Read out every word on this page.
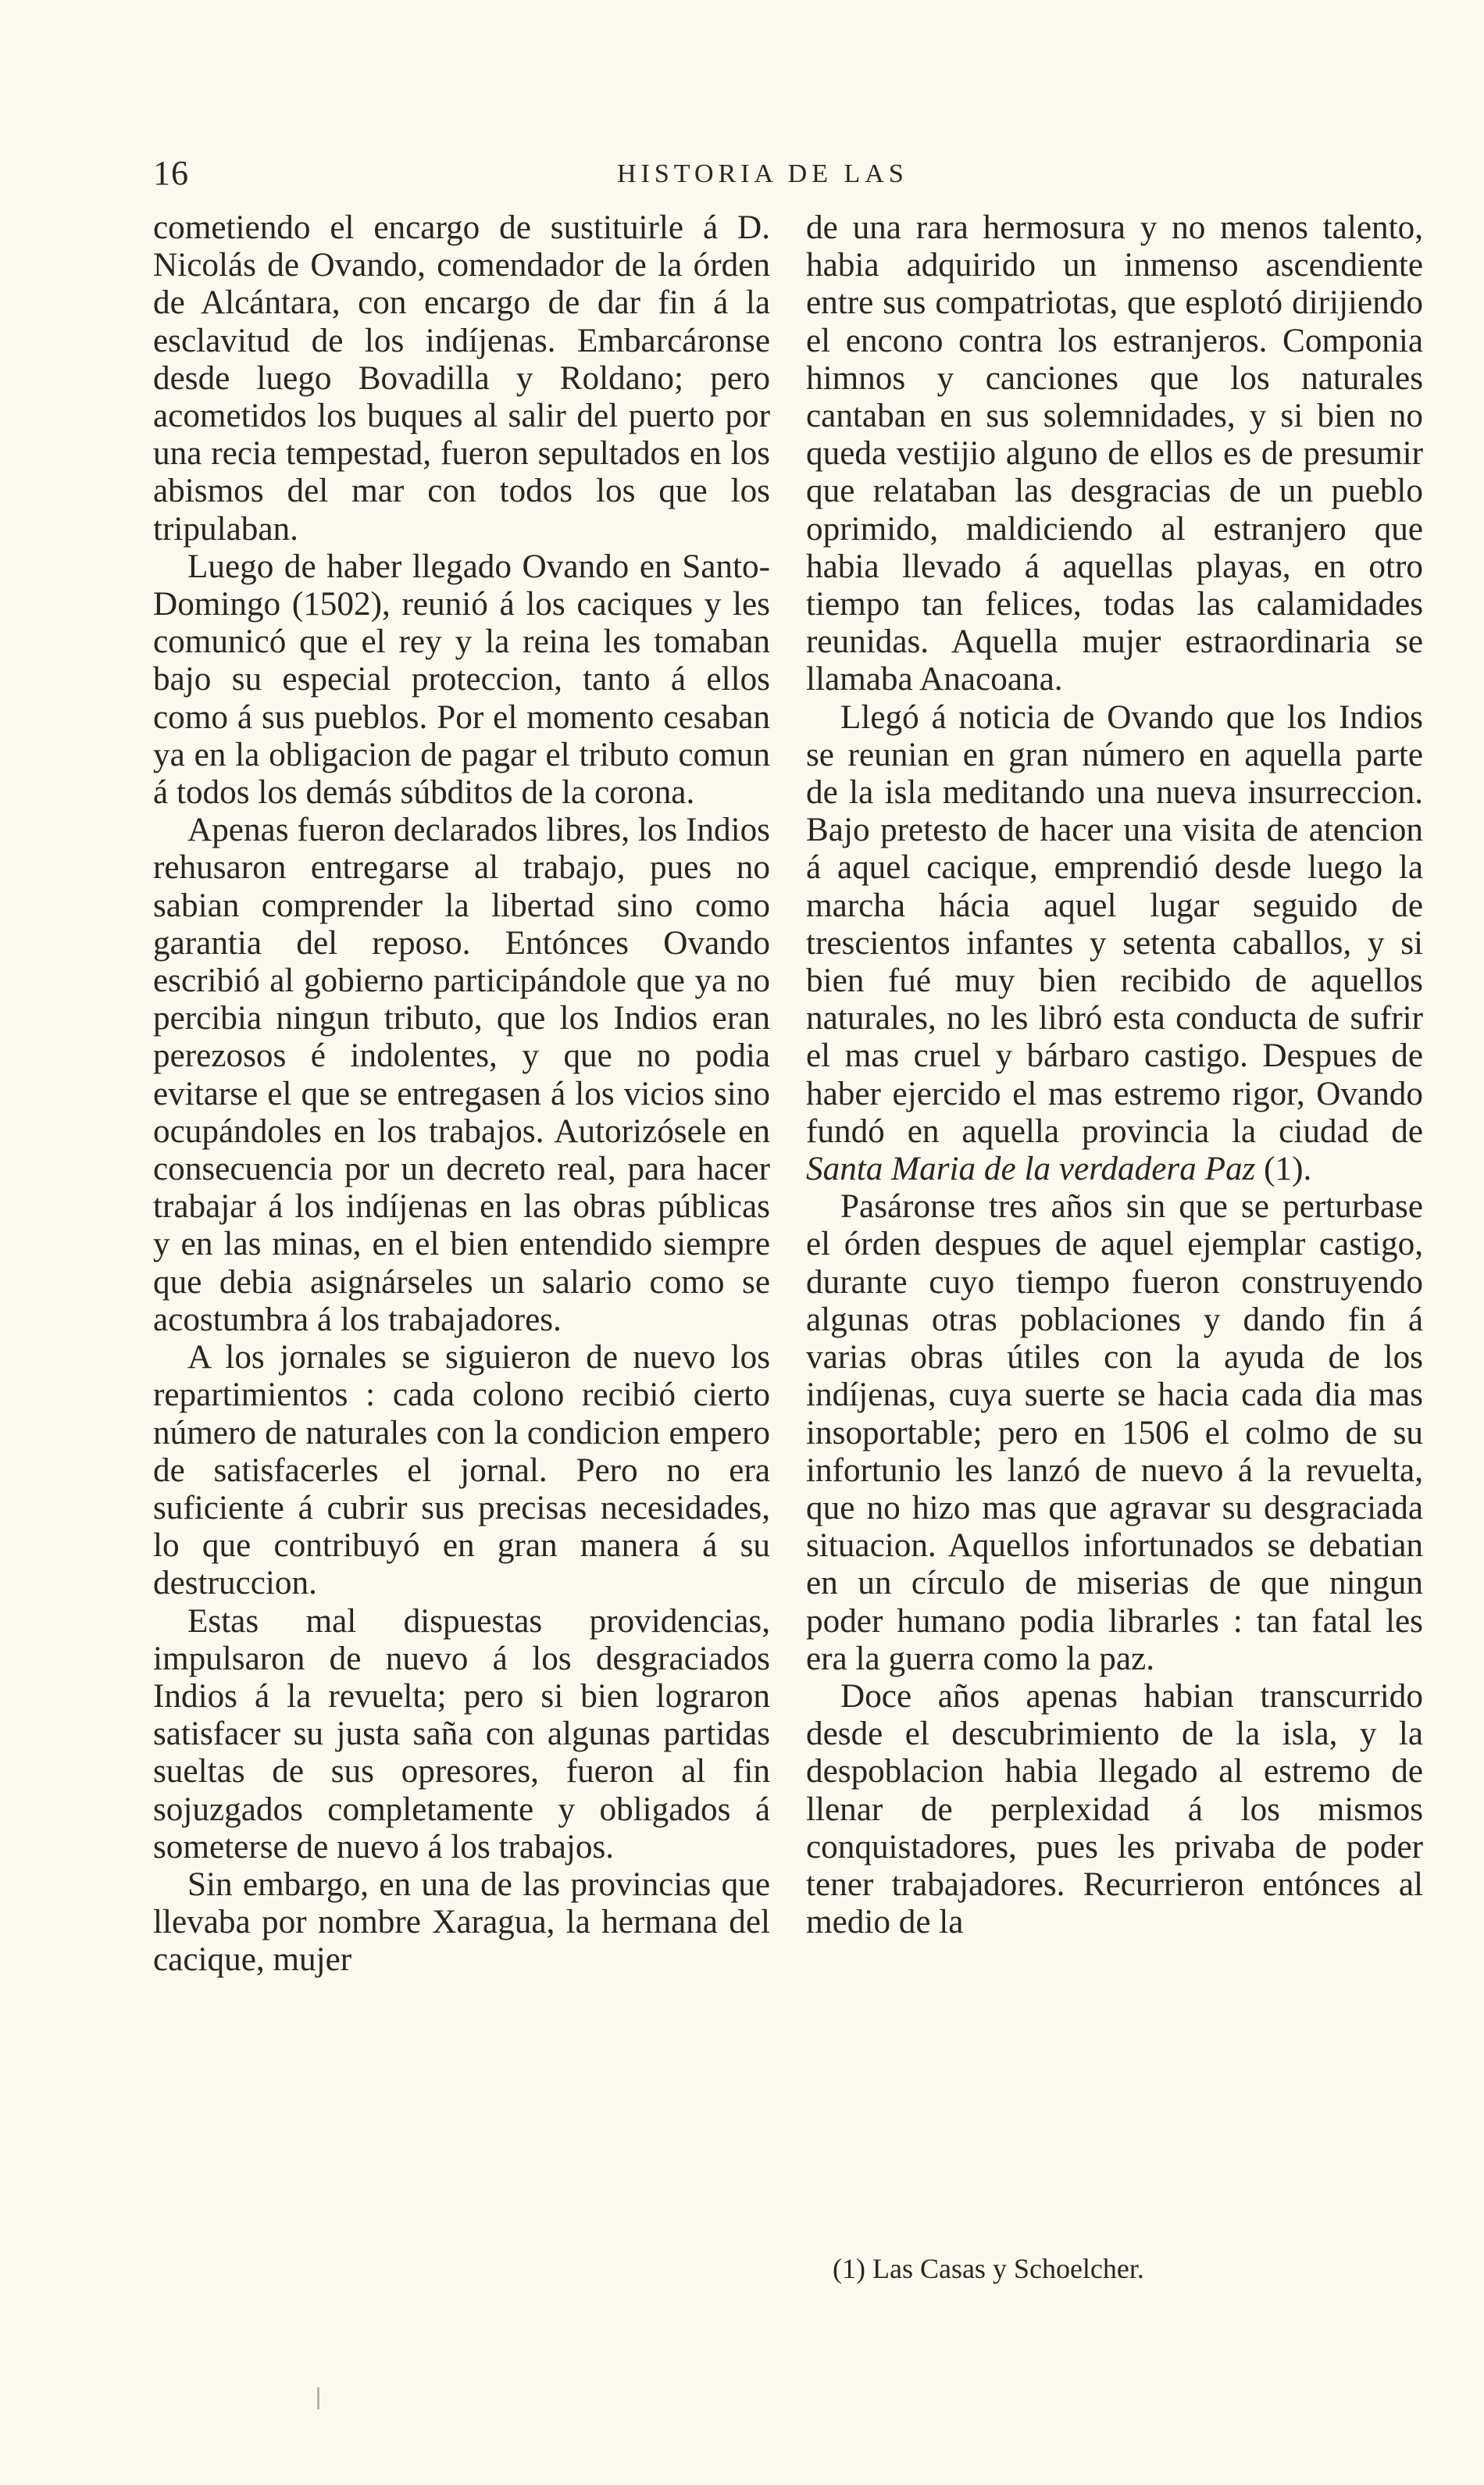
16	HISTORIA DE LAS

cometiendo el encargo de sustituirle á D. Nicolás de Ovando, comendador de la órden de Alcántara, con encargo de dar fin á la esclavitud de los indíjenas. Embarcáronse desde luego Bovadilla y Roldano; pero acometidos los buques al salir del puerto por una recia tempestad, fueron sepultados en los abismos del mar con todos los que los tripulaban.

Luego de haber llegado Ovando en Santo-Domingo (1502), reunió á los caciques y les comunicó que el rey y la reina les tomaban bajo su especial proteccion, tanto á ellos como á sus pueblos. Por el momento cesaban ya en la obligacion de pagar el tributo comun á todos los demás súbditos de la corona.

Apenas fueron declarados libres, los Indios rehusaron entregarse al trabajo, pues no sabian comprender la libertad sino como garantia del reposo. Entónces Ovando escribió al gobierno participándole que ya no percibia ningun tributo, que los Indios eran perezosos é indolentes, y que no podia evitarse el que se entregasen á los vicios sino ocupándoles en los trabajos. Autorizósele en consecuencia por un decreto real, para hacer trabajar á los indíjenas en las obras públicas y en las minas, en el bien entendido siempre que debia asignárseles un salario como se acostumbra á los trabajadores.

A los jornales se siguieron de nuevo los repartimientos : cada colono recibió cierto número de naturales con la condicion empero de satisfacerles el jornal. Pero no era suficiente á cubrir sus precisas necesidades, lo que contribuyó en gran manera á su destruccion.

Estas mal dispuestas providencias, impulsaron de nuevo á los desgraciados Indios á la revuelta; pero si bien lograron satisfacer su justa saña con algunas partidas sueltas de sus opresores, fueron al fin sojuzgados completamente y obligados á someterse de nuevo á los trabajos.

Sin embargo, en una de las provincias que llevaba por nombre Xaragua, la hermana del cacique, mujer

de una rara hermosura y no menos talento, habia adquirido un inmenso ascendiente entre sus compatriotas, que esplotó dirijiendo el encono contra los estranjeros. Componia himnos y canciones que los naturales cantaban en sus solemnidades, y si bien no queda vestijio alguno de ellos es de presumir que relataban las desgracias de un pueblo oprimido, maldiciendo al estranjero que habia llevado á aquellas playas, en otro tiempo tan felices, todas las calamidades reunidas. Aquella mujer estraordinaria se llamaba Anacoana.

Llegó á noticia de Ovando que los Indios se reunian en gran número en aquella parte de la isla meditando una nueva insurreccion. Bajo pretesto de hacer una visita de atencion á aquel cacique, emprendió desde luego la marcha hácia aquel lugar seguido de trescientos infantes y setenta caballos, y si bien fué muy bien recibido de aquellos naturales, no les libró esta conducta de sufrir el mas cruel y bárbaro castigo. Despues de haber ejercido el mas estremo rigor, Ovando fundó en aquella provincia la ciudad de Santa Maria de la verdadera Paz (1).

Pasáronse tres años sin que se perturbase el órden despues de aquel ejemplar castigo, durante cuyo tiempo fueron construyendo algunas otras poblaciones y dando fin á varias obras útiles con la ayuda de los indíjenas, cuya suerte se hacia cada dia mas insoportable; pero en 1506 el colmo de su infortunio les lanzó de nuevo á la revuelta, que no hizo mas que agravar su desgraciada situacion. Aquellos infortunados se debatian en un círculo de miserias de que ningun poder humano podia librarles : tan fatal les era la guerra como la paz.

Doce años apenas habian transcurrido desde el descubrimiento de la isla, y la despoblacion habia llegado al estremo de llenar de perplexidad á los mismos conquistadores, pues les privaba de poder tener trabajadores. Recurrieron entónces al medio de la

(1) Las Casas y Schoelcher.
